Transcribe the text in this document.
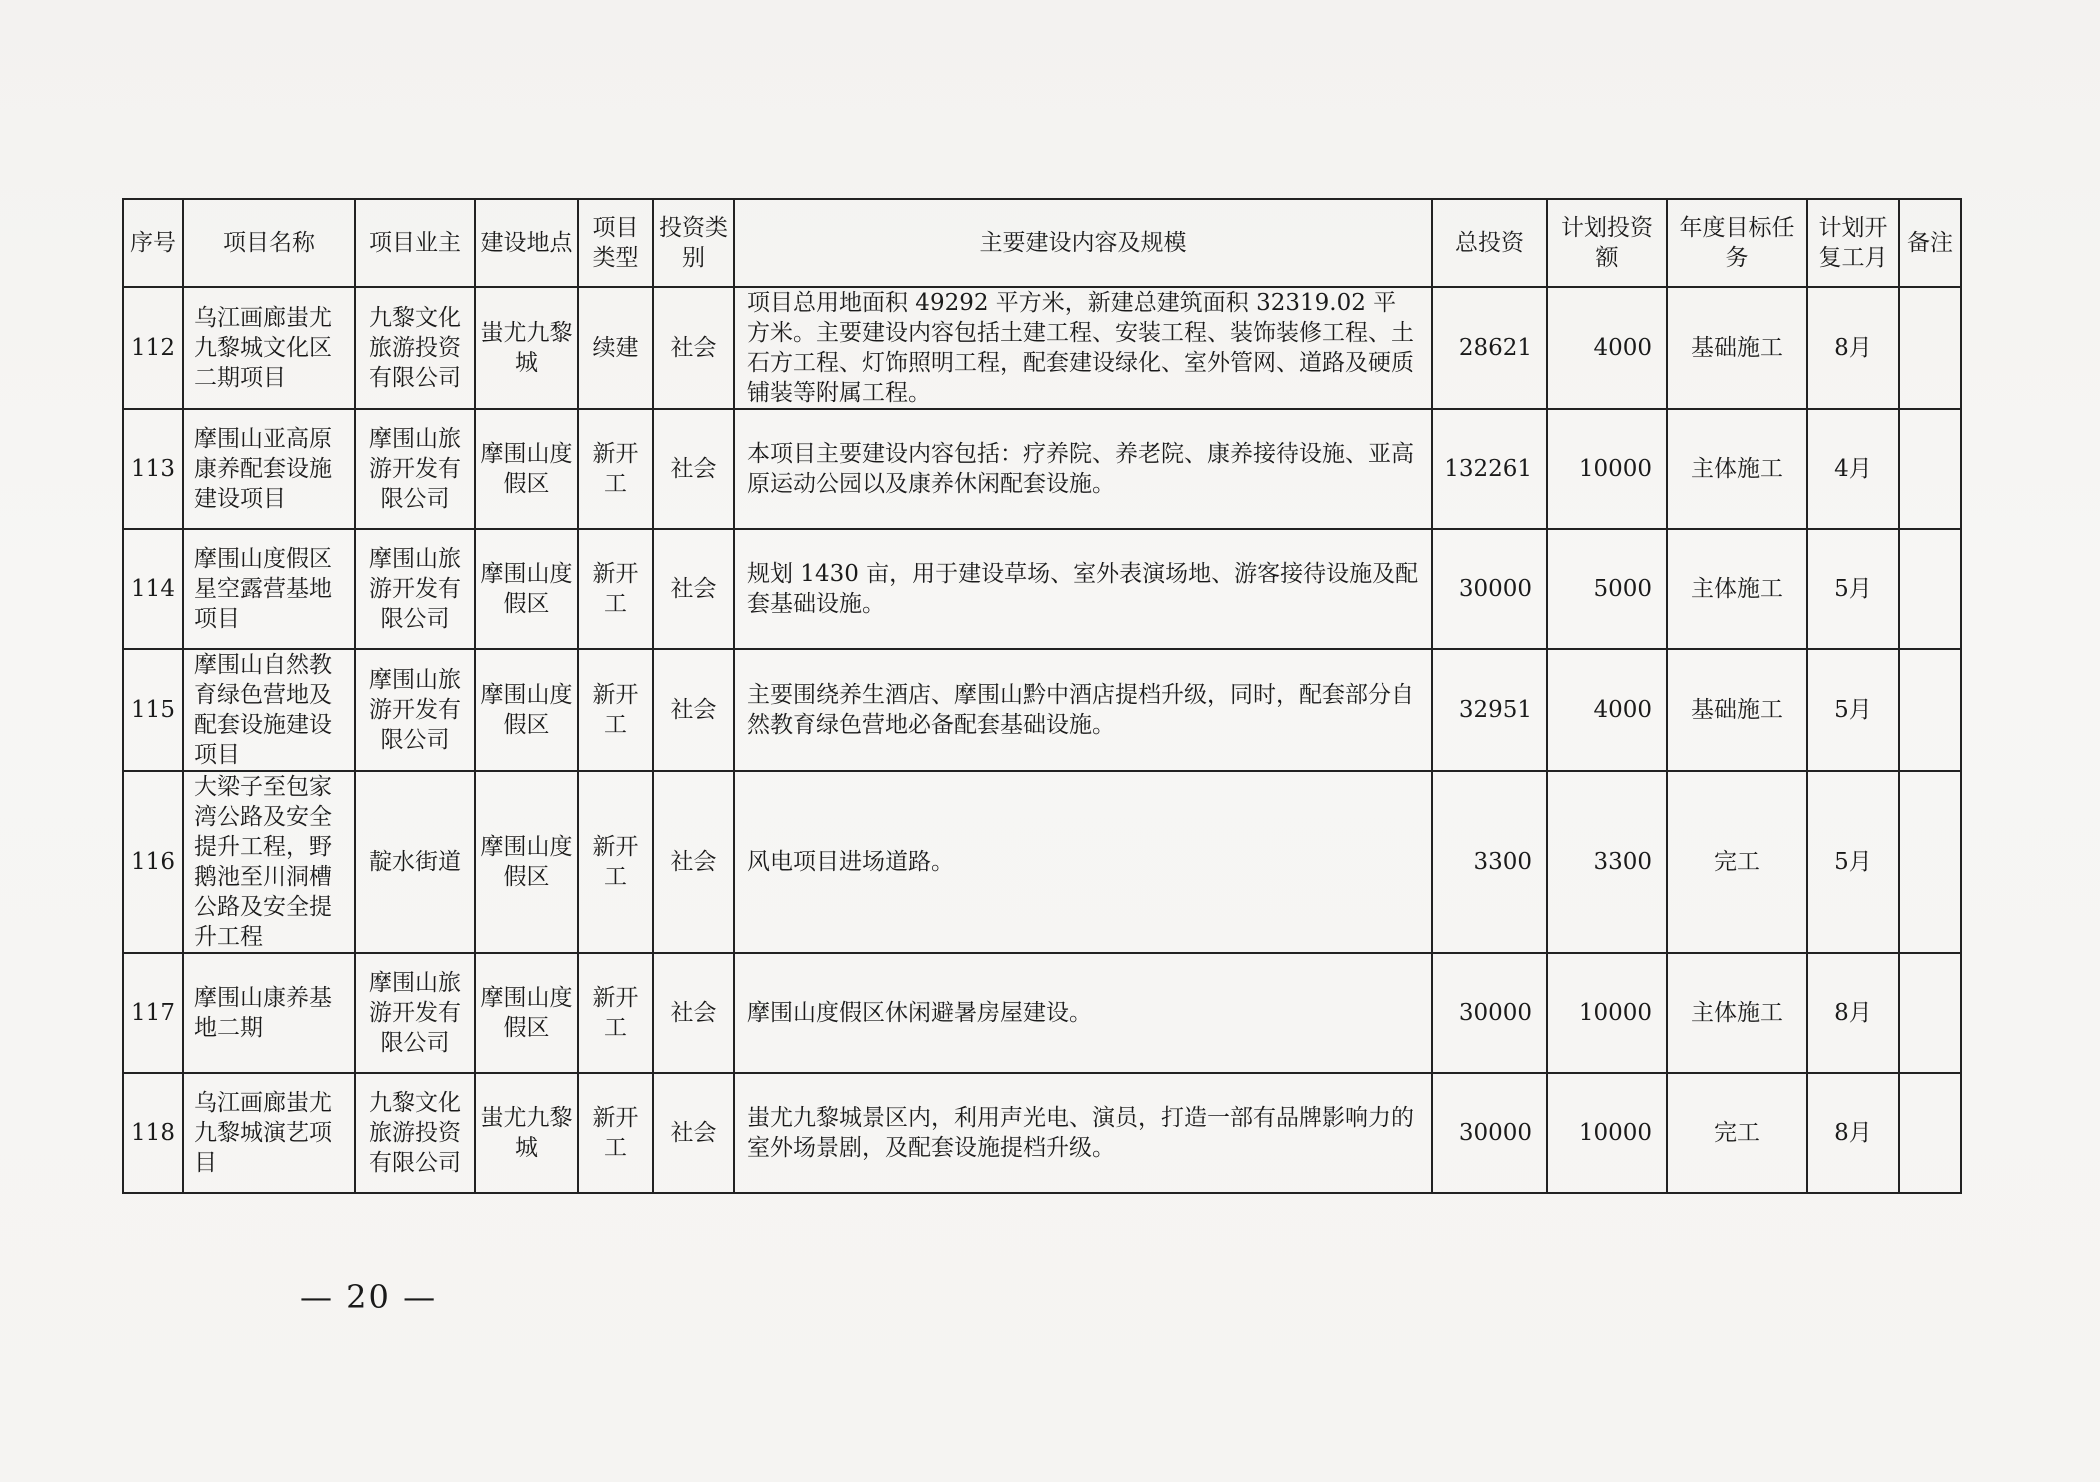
序号	项目名称	项目业主	建设地点	项目类型	投资类别	主要建设内容及规模	总投资	计划投资额	年度目标任务	计划开复工月	备注
112	乌江画廊蚩尤九黎城文化区二期项目	九黎文化旅游投资有限公司	蚩尤九黎城	续建	社会	项目总用地面积 49292 平方米，新建总建筑面积 32319.02 平方米。主要建设内容包括土建工程、安装工程、装饰装修工程、土石方工程、灯饰照明工程，配套建设绿化、室外管网、道路及硬质铺装等附属工程。	28621	4000	基础施工	8月	
113	摩围山亚高原康养配套设施建设项目	摩围山旅游开发有限公司	摩围山度假区	新开工	社会	本项目主要建设内容包括：疗养院、养老院、康养接待设施、亚高原运动公园以及康养休闲配套设施。	132261	10000	主体施工	4月	
114	摩围山度假区星空露营基地项目	摩围山旅游开发有限公司	摩围山度假区	新开工	社会	规划 1430 亩，用于建设草场、室外表演场地、游客接待设施及配套基础设施。	30000	5000	主体施工	5月	
115	摩围山自然教育绿色营地及配套设施建设项目	摩围山旅游开发有限公司	摩围山度假区	新开工	社会	主要围绕养生酒店、摩围山黔中酒店提档升级，同时，配套部分自然教育绿色营地必备配套基础设施。	32951	4000	基础施工	5月	
116	大梁子至包家湾公路及安全提升工程，野鹅池至川洞槽公路及安全提升工程	靛水街道	摩围山度假区	新开工	社会	风电项目进场道路。	3300	3300	完工	5月	
117	摩围山康养基地二期	摩围山旅游开发有限公司	摩围山度假区	新开工	社会	摩围山度假区休闲避暑房屋建设。	30000	10000	主体施工	8月	
118	乌江画廊蚩尤九黎城演艺项目	九黎文化旅游投资有限公司	蚩尤九黎城	新开工	社会	蚩尤九黎城景区内，利用声光电、演员，打造一部有品牌影响力的室外场景剧，及配套设施提档升级。	30000	10000	完工	8月	
— 20 —
